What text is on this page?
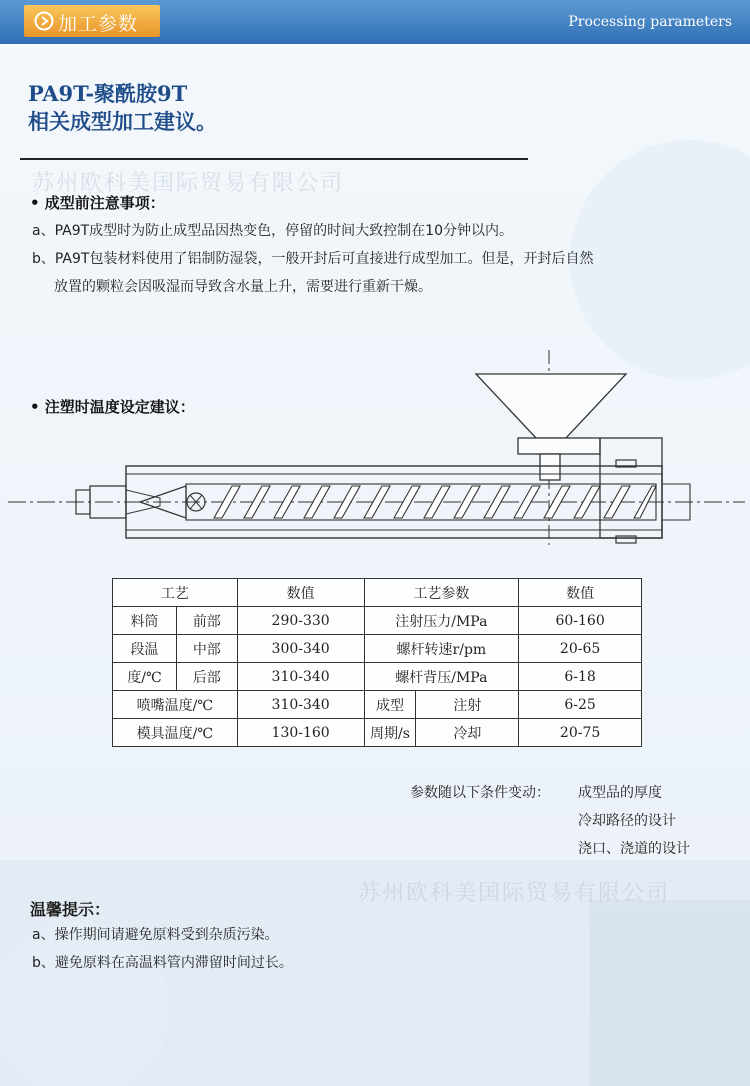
加工参数	Processing parameters
PA9T-聚酰胺9T
相关成型加工建议。
苏州欧科美国际贸易有限公司
• 成型前注意事项：
a、PA9T成型时为防止成型品因热变色，停留的时间大致控制在10分钟以内。
b、PA9T包装材料使用了铝制防湿袋，一般开封后可直接进行成型加工。但是，开封后自然
放置的颗粒会因吸湿而导致含水量上升，需要进行重新干燥。
• 注塑时温度设定建议：
工艺		数值	工艺参数		数值
料筒	前部	290-330	注射压力/MPa		60-160
段温	中部	300-340	螺杆转速r/pm		20-65
度/℃	后部	310-340	螺杆背压/MPa		6-18
喷嘴温度/℃		310-340	成型	注射	6-25
模具温度/℃		130-160	周期/s	冷却	20-75
参数随以下条件变动： 成型品的厚度
冷却路径的设计
浇口、浇道的设计
苏州欧科美国际贸易有限公司
温馨提示：
a、操作期间请避免原料受到杂质污染。
b、避免原料在高温料管内滞留时间过长。
